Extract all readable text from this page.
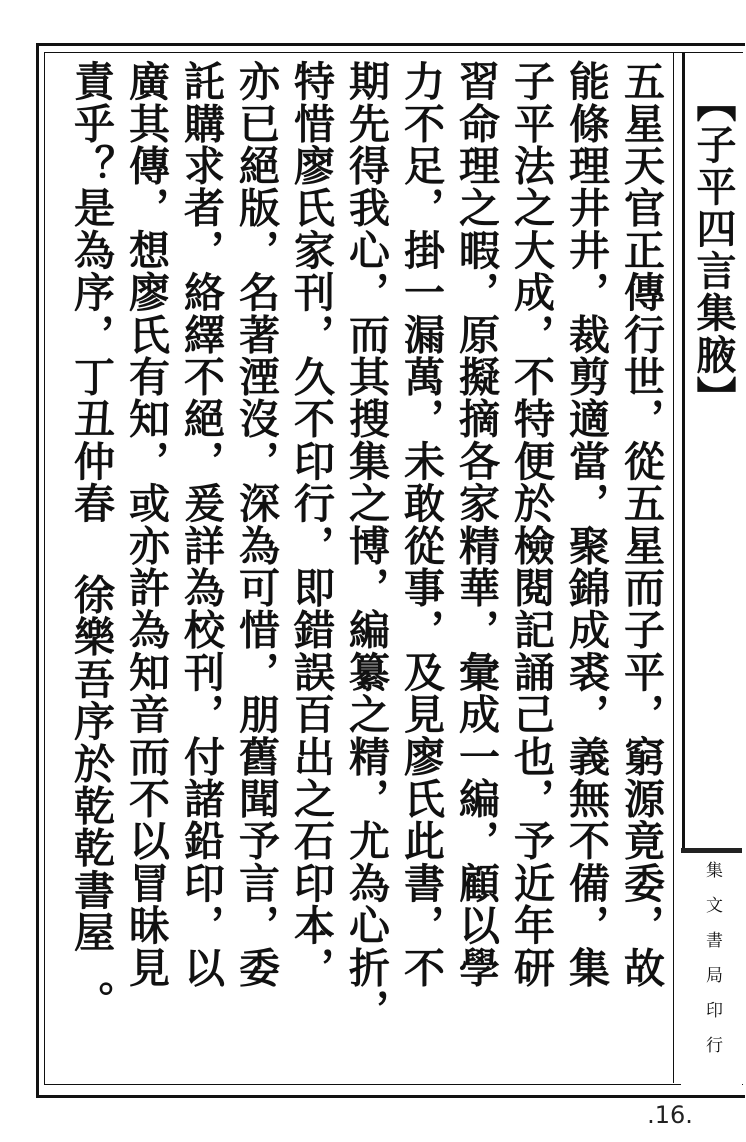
【子平四言集腋】
五星天官正傳行世，從五星而子平，窮源竟委，故
能條理井井，裁剪適當，聚錦成裘，義無不備，集
子平法之大成，不特便於檢閱記誦己也，予近年研
習命理之暇，原擬摘各家精華，彙成一編，顧以學
力不足，掛一漏萬，未敢從事，及見廖氏此書，不
期先得我心，而其搜集之博，編纂之精，尤為心折，
特惜廖氏家刊，久不印行，即錯誤百出之石印本，
亦已絕版，名著湮沒，深為可惜，朋舊聞予言，委
託購求者，絡繹不絕，爰詳為校刊，付諸鉛印，以
廣其傳，想廖氏有知，或亦許為知音而不以冒昧見
責乎？是為序，丁丑仲春 徐樂吾序於乾乾書屋
。	集文書局印行
.16.
